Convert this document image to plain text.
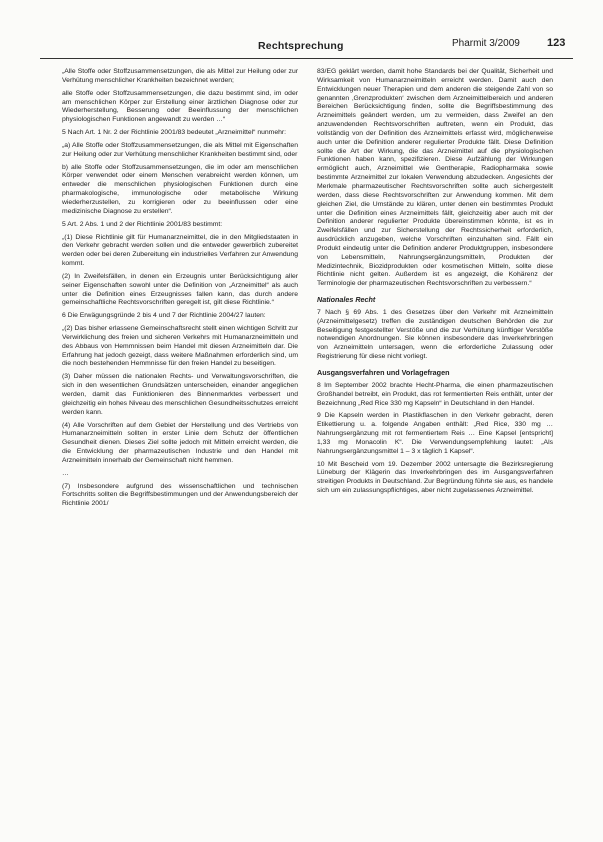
Rechtsprechung	Pharmit 3/2009 123

„Alle Stoffe oder Stoffzusammensetzungen, die als Mittel zur Heilung oder zur Verhütung menschlicher Krankheiten bezeichnet werden;

alle Stoffe oder Stoffzusammensetzungen, die dazu bestimmt sind, im oder am menschlichen Körper zur Erstellung einer ärztlichen Diagnose oder zur Wiederherstellung, Besserung oder Beeinflussung der menschlichen physiologischen Funktionen angewandt zu werden …“

5 Nach Art. 1 Nr. 2 der Richtlinie 2001/83 bedeutet „Arzneimittel“ nunmehr:

„a) Alle Stoffe oder Stoffzusammensetzungen, die als Mittel mit Eigenschaften zur Heilung oder zur Verhütung menschlicher Krankheiten bestimmt sind, oder

b) alle Stoffe oder Stoffzusammensetzungen, die im oder am menschlichen Körper verwendet oder einem Menschen verabreicht werden können, um entweder die menschlichen physiologischen Funktionen durch eine pharmakologische, immunologische oder metabolische Wirkung wiederherzustellen, zu korrigieren oder zu beeinflussen oder eine medizinische Diagnose zu erstellen“.

5 Art. 2 Abs. 1 und 2 der Richtlinie 2001/83 bestimmt:

„(1) Diese Richtlinie gilt für Humanarzneimittel, die in den Mitgliedstaaten in den Verkehr gebracht werden sollen und die entweder gewerblich zubereitet werden oder bei deren Zubereitung ein industrielles Verfahren zur Anwendung kommt.

(2) In Zweifelsfällen, in denen ein Erzeugnis unter Berücksichtigung aller seiner Eigenschaften sowohl unter die Definition von „Arzneimittel“ als auch unter die Definition eines Erzeugnisses fallen kann, das durch andere gemeinschaftliche Rechtsvorschriften geregelt ist, gilt diese Richtlinie.“

6 Die Erwägungsgründe 2 bis 4 und 7 der Richtlinie 2004/27 lauten:

„(2) Das bisher erlassene Gemeinschaftsrecht stellt einen wichtigen Schritt zur Verwirklichung des freien und sicheren Verkehrs mit Humanarzneimitteln und des Abbaus von Hemmnissen beim Handel mit diesen Arzneimitteln dar. Die Erfahrung hat jedoch gezeigt, dass weitere Maßnahmen erforderlich sind, um die noch bestehenden Hemmnisse für den freien Handel zu beseitigen.

(3) Daher müssen die nationalen Rechts- und Verwaltungsvorschriften, die sich in den wesentlichen Grundsätzen unterscheiden, einander angeglichen werden, damit das Funktionieren des Binnenmarktes verbessert und gleichzeitig ein hohes Niveau des menschlichen Gesundheitsschutzes erreicht werden kann.

(4) Alle Vorschriften auf dem Gebiet der Herstellung und des Vertriebs von Humanarzneimitteln sollten in erster Linie dem Schutz der öffentlichen Gesundheit dienen. Dieses Ziel sollte jedoch mit Mitteln erreicht werden, die die Entwicklung der pharmazeutischen Industrie und den Handel mit Arzneimitteln innerhalb der Gemeinschaft nicht hemmen.

…

(7) Insbesondere aufgrund des wissenschaftlichen und technischen Fortschritts sollten die Begriffsbestimmungen und der Anwendungsbereich der Richtlinie 2001/

83/EG geklärt werden, damit hohe Standards bei der Qualität, Sicherheit und Wirksamkeit von Humanarzneimitteln erreicht werden. Damit auch den Entwicklungen neuer Therapien und dem anderen die steigende Zahl von so genannten ‚Grenzprodukten‘ zwischen dem Arzneimittelbereich und anderen Bereichen Berücksichtigung finden, sollte die Begriffsbestimmung des Arzneimittels geändert werden, um zu vermeiden, dass Zweifel an den anzuwendenden Rechtsvorschriften auftreten, wenn ein Produkt, das vollständig von der Definition des Arzneimittels erfasst wird, möglicherweise auch unter die Definition anderer regulierter Produkte fällt. Diese Definition sollte die Art der Wirkung, die das Arzneimittel auf die physiologischen Funktionen haben kann, spezifizieren. Diese Aufzählung der Wirkungen ermöglicht auch, Arzneimittel wie Gentherapie, Radiopharmaka sowie bestimmte Arzneimittel zur lokalen Verwendung abzudecken. Angesichts der Merkmale pharmazeutischer Rechtsvorschriften sollte auch sichergestellt werden, dass diese Rechtsvorschriften zur Anwendung kommen. Mit dem gleichen Ziel, die Umstände zu klären, unter denen ein bestimmtes Produkt unter die Definition eines Arzneimittels fällt, gleichzeitig aber auch mit der Definition anderer regulierter Produkte übereinstimmen könnte, ist es in Zweifelsfällen und zur Sicherstellung der Rechtssicherheit erforderlich, ausdrücklich anzugeben, welche Vorschriften einzuhalten sind. Fällt ein Produkt eindeutig unter die Definition anderer Produktgruppen, insbesondere von Lebensmitteln, Nahrungsergänzungsmitteln, Produkten der Medizintechnik, Biozidprodukten oder kosmetischen Mitteln, sollte diese Richtlinie nicht gelten. Außerdem ist es angezeigt, die Kohärenz der Terminologie der pharmazeutischen Rechtsvorschriften zu verbessern.“

Nationales Recht

7 Nach § 69 Abs. 1 des Gesetzes über den Verkehr mit Arzneimitteln (Arzneimittelgesetz) treffen die zuständigen deutschen Behörden die zur Beseitigung festgestellter Verstöße und die zur Verhütung künftiger Verstöße notwendigen Anordnungen. Sie können insbesondere das Inverkehrbringen von Arzneimitteln untersagen, wenn die erforderliche Zulassung oder Registrierung für diese nicht vorliegt.

Ausgangsverfahren und Vorlagefragen

8 Im September 2002 brachte Hecht-Pharma, die einen pharmazeutischen Großhandel betreibt, ein Produkt, das rot fermentierten Reis enthält, unter der Bezeichnung „Red Rice 330 mg Kapseln“ in Deutschland in den Handel.

9 Die Kapseln werden in Plastikflaschen in den Verkehr gebracht, deren Etikettierung u. a. folgende Angaben enthält: „Red Rice, 330 mg … Nahrungsergänzung mit rot fermentiertem Reis … Eine Kapsel [entspricht] 1,33 mg Monacolin K“. Die Verwendungsempfehlung lautet: „Als Nahrungsergänzungsmittel 1 – 3 x täglich 1 Kapsel“.

10 Mit Bescheid vom 19. Dezember 2002 untersagte die Bezirksregierung Lüneburg der Klägerin das Inverkehrbringen des im Ausgangsverfahren streitigen Produkts in Deutschland. Zur Begründung führte sie aus, es handele sich um ein zulassungspflichtiges, aber nicht zugelassenes Arzneimittel.
